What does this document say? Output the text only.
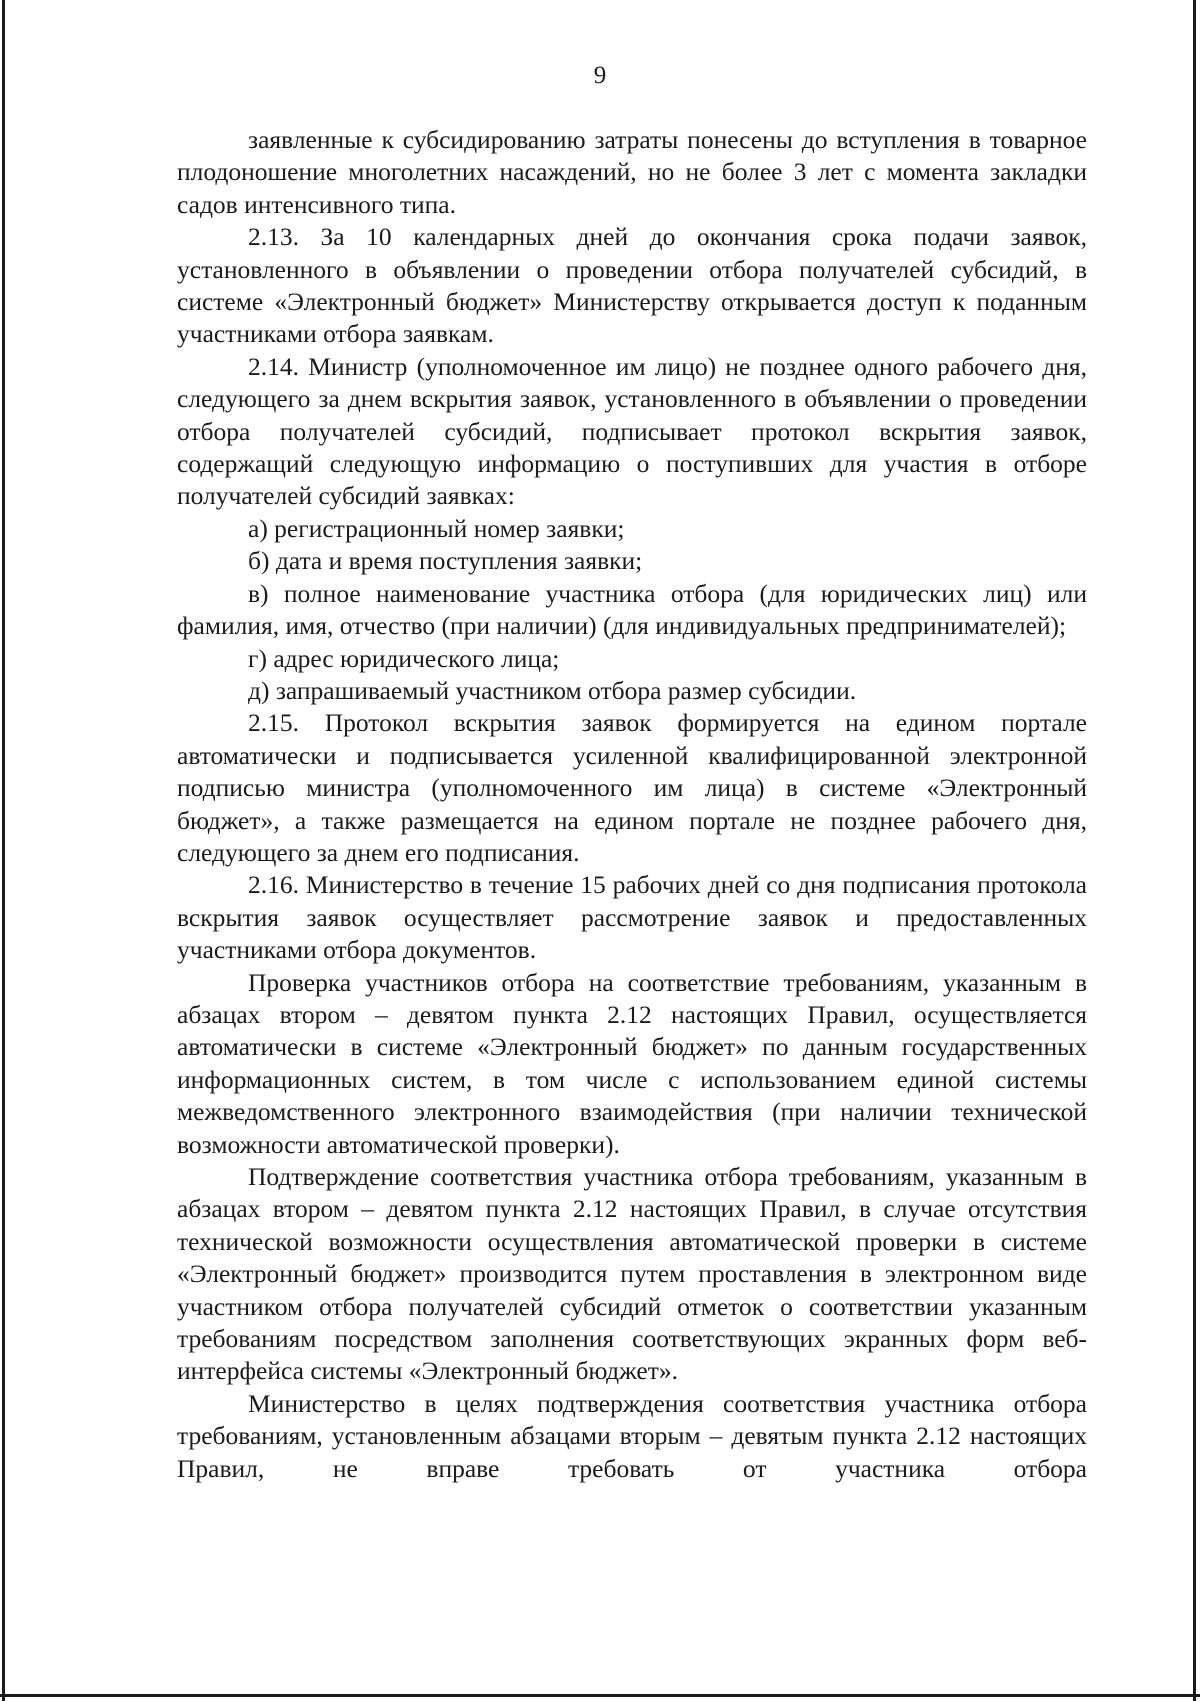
9

заявленные к субсидированию затраты понесены до вступления в товарное плодоношение многолетних насаждений, но не более 3 лет с момента закладки садов интенсивного типа.

2.13. За 10 календарных дней до окончания срока подачи заявок, установленного в объявлении о проведении отбора получателей субсидий, в системе «Электронный бюджет» Министерству открывается доступ к поданным участниками отбора заявкам.

2.14. Министр (уполномоченное им лицо) не позднее одного рабочего дня, следующего за днем вскрытия заявок, установленного в объявлении о проведении отбора получателей субсидий, подписывает протокол вскрытия заявок, содержащий следующую информацию о поступивших для участия в отборе получателей субсидий заявках:

а) регистрационный номер заявки;

б) дата и время поступления заявки;

в) полное наименование участника отбора (для юридических лиц) или фамилия, имя, отчество (при наличии) (для индивидуальных предпринимателей);

г) адрес юридического лица;

д) запрашиваемый участником отбора размер субсидии.

2.15. Протокол вскрытия заявок формируется на едином портале автоматически и подписывается усиленной квалифицированной электронной подписью министра (уполномоченного им лица) в системе «Электронный бюджет», а также размещается на едином портале не позднее рабочего дня, следующего за днем его подписания.

2.16. Министерство в течение 15 рабочих дней со дня подписания протокола вскрытия заявок осуществляет рассмотрение заявок и предоставленных участниками отбора документов.

Проверка участников отбора на соответствие требованиям, указанным в абзацах втором – девятом пункта 2.12 настоящих Правил, осуществляется автоматически в системе «Электронный бюджет» по данным государственных информационных систем, в том числе с использованием единой системы межведомственного электронного взаимодействия (при наличии технической возможности автоматической проверки).

Подтверждение соответствия участника отбора требованиям, указанным в абзацах втором – девятом пункта 2.12 настоящих Правил, в случае отсутствия технической возможности осуществления автоматической проверки в системе «Электронный бюджет» производится путем проставления в электронном виде участником отбора получателей субсидий отметок о соответствии указанным требованиям посредством заполнения соответствующих экранных форм веб-интерфейса системы «Электронный бюджет».

Министерство в целях подтверждения соответствия участника отбора требованиям, установленным абзацами вторым – девятым пункта 2.12 настоящих Правил, не вправе требовать от участника отбора
